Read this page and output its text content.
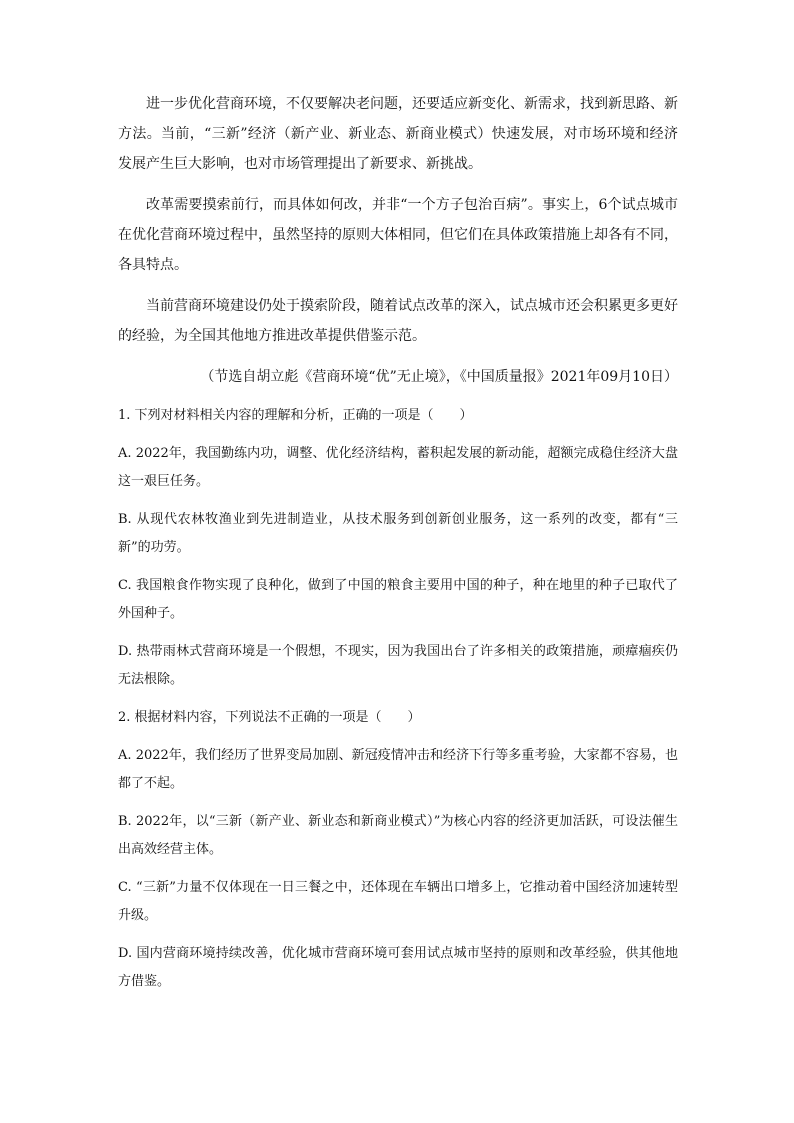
进一步优化营商环境，不仅要解决老问题，还要适应新变化、新需求，找到新思路、新方法。当前，“三新”经济（新产业、新业态、新商业模式）快速发展，对市场环境和经济发展产生巨大影响，也对市场管理提出了新要求、新挑战。

改革需要摸索前行，而具体如何改，并非“一个方子包治百病”。事实上，6个试点城市在优化营商环境过程中，虽然坚持的原则大体相同，但它们在具体政策措施上却各有不同，各具特点。

当前营商环境建设仍处于摸索阶段，随着试点改革的深入，试点城市还会积累更多更好的经验，为全国其他地方推进改革提供借鉴示范。

（节选自胡立彪《营商环境“优”无止境》，《中国质量报》2021年09月10日）

1. 下列对材料相关内容的理解和分析，正确的一项是（　　）

A. 2022年，我国勤练内功，调整、优化经济结构，蓄积起发展的新动能，超额完成稳住经济大盘这一艰巨任务。

B. 从现代农林牧渔业到先进制造业，从技术服务到创新创业服务，这一系列的改变，都有“三新”的功劳。

C. 我国粮食作物实现了良种化，做到了中国的粮食主要用中国的种子，种在地里的种子已取代了外国种子。

D. 热带雨林式营商环境是一个假想，不现实，因为我国出台了许多相关的政策措施，顽瘴痼疾仍无法根除。

2. 根据材料内容，下列说法不正确的一项是（　　）

A. 2022年，我们经历了世界变局加剧、新冠疫情冲击和经济下行等多重考验，大家都不容易，也都了不起。

B. 2022年，以“三新（新产业、新业态和新商业模式）”为核心内容的经济更加活跃，可设法催生出高效经营主体。

C. “三新”力量不仅体现在一日三餐之中，还体现在车辆出口增多上，它推动着中国经济加速转型升级。

D. 国内营商环境持续改善，优化城市营商环境可套用试点城市坚持的原则和改革经验，供其他地方借鉴。
